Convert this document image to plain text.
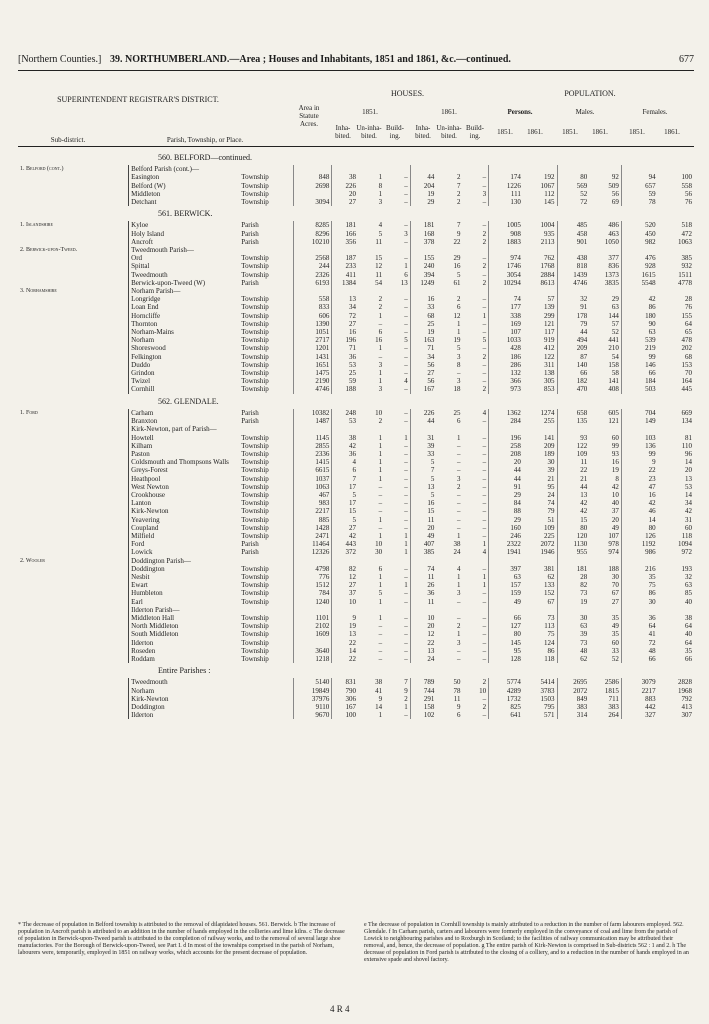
[Northern Counties.] 39. NORTHUMBERLAND.—Area ; Houses and Inhabitants, 1851 and 1861, &c.—continued.	677
SUPERINTENDENT REGISTRAR'S DISTRICT.
Sub-district.	Parish, Township, or Place.
Area in Statute Acres.
HOUSES.	POPULATION.
1851.	1861.	Persons.	Males.	Females.
Inha-bited.
Un-inha-bited.
Build-ing.
Inha-bited.
Un-inha-bited.
Build-ing.	1851.	1861.	1851.	1861.	1851.	1861.
560. BELFORD—continued.															
1. Belford (cont.)	Belford Parish (cont.)—														
	Easington	Township	848	38	1	–	44	2	–	174	192	80	92	94	100
	Belford (W)	Township	2698	226	8	–	204	7	–	1226	1067	569	509	657	558
	Middleton	Township		20	1	–	19	2	3	111	112	52	56	59	56
	Detchant	Township	3094	27	3	–	29	2	–	130	145	72	69	78	76
561. BERWICK.															
1. Islandshire	Kyloe	Parish	8285	181	4	–	181	7	–	1005	1004	485	486	520	518
	Holy Island	Parish	8296	166	5	3	168	9	2	908	935	458	463	450	472
	Ancroft	Parish	10210	356	11	–	378	22	2	1883	2113	901	1050	982	1063
2. Berwick-upon-Tweed.	Tweedmouth Parish—														
	Ord	Township	2568	187	15	–	155	29	–	974	762	438	377	476	385
	Spittal	Township	244	233	12	1	240	16	2	1746	1768	818	836	928	932
	Tweedmouth	Township	2326	411	11	6	394	5	–	3054	2884	1439	1373	1615	1511
	Berwick-upon-Tweed (W)	Parish	6193	1384	54	13	1249	61	2	10294	8613	4746	3835	5548	4778
3. Norhamshire	Norham Parish—														
	Longridge	Township	558	13	2	–	16	2	–	74	57	32	29	42	28
	Loan End	Township	833	34	2	–	33	6	–	177	139	91	63	86	76
	Horncliffe	Township	606	72	1	–	68	12	1	338	299	178	144	180	155
	Thornton	Township	1390	27	–	–	25	1	–	169	121	79	57	90	64
	Norham-Mains	Township	1051	16	6	–	19	1	–	107	117	44	52	63	65
	Norham	Township	2717	196	16	5	163	19	5	1033	919	494	441	539	478
	Shoreswood	Township	1201	71	1	–	71	5	–	428	412	209	210	219	202
	Felkington	Township	1431	36	–	–	34	3	2	186	122	87	54	99	68
	Duddo	Township	1651	53	3	–	56	8	–	286	311	140	158	146	153
	Grindon	Township	1475	25	1	–	27	–	–	132	138	66	58	66	70
	Twizel	Township	2190	59	1	4	56	3	–	366	305	182	141	184	164
	Cornhill	Township	4746	188	3	–	167	18	2	973	853	470	408	503	445
562. GLENDALE.															
1. Ford	Carham	Parish	10382	248	10	–	226	25	4	1362	1274	658	605	704	669
	Branxton	Parish	1487	53	2	–	44	6	–	284	255	135	121	149	134
	Kirk-Newton, part of Parish—														
	Howtell	Township	1145	38	1	1	31	1	–	196	141	93	60	103	81
	Kilham	Township	2855	42	1	–	39	–	–	258	209	122	99	136	110
	Paston	Township	2336	36	1	–	33	–	–	208	189	109	93	99	96
	Coldsmouth and Thompsons Walls	Township	1415	4	1	–	5	–	–	20	30	11	16	9	14
	Greys-Forest	Township	6615	6	1	–	7	–	–	44	39	22	19	22	20
	Heathpool	Township	1037	7	1	–	5	3	–	44	21	21	8	23	13
	West Newton	Township	1063	17	–	–	13	2	–	91	95	44	42	47	53
	Crookhouse	Township	467	5	–	–	5	–	–	29	24	13	10	16	14
	Lanton	Township	983	17	–	–	16	–	–	84	74	42	40	42	34
	Kirk-Newton	Township	2217	15	–	–	15	–	–	88	79	42	37	46	42
	Yeavering	Township	885	5	1	–	11	–	–	29	51	15	20	14	31
	Coupland	Township	1428	27	–	–	20	–	–	160	109	80	49	80	60
	Milfield	Township	2471	42	1	1	49	1	–	246	225	120	107	126	118
	Ford	Parish	11464	443	10	1	407	38	1	2322	2072	1130	978	1192	1094
	Lowick	Parish	12326	372	30	1	385	24	4	1941	1946	955	974	986	972
2. Wooler	Doddington Parish—														
	Doddington	Township	4798	82	6	–	74	4	–	397	381	181	188	216	193
	Nesbit	Township	776	12	1	–	11	1	1	63	62	28	30	35	32
	Ewart	Township	1512	27	1	1	26	1	1	157	133	82	70	75	63
	Humbleton	Township	784	37	5	–	36	3	–	159	152	73	67	86	85
	Earl	Township	1240	10	1	–	11	–	–	49	67	19	27	30	40
	Ilderton Parish—														
	Middleton Hall	Township	1101	9	1	–	10	–	–	66	73	30	35	36	38
	North Middleton	Township	2102	19	–	–	20	2	–	127	113	63	49	64	64
	South Middleton	Township	1609	13	–	–	12	1	–	80	75	39	35	41	40
	Ilderton	Township		22	–	–	22	3	–	145	124	73	60	72	64
	Roseden	Township	3640	14	–	–	13	–	–	95	86	48	33	48	35
	Roddam	Township	1218	22	–	–	24	–	–	128	118	62	52	66	66
Entire Parishes :															
	Tweedmouth		5140	831	38	7	789	50	2	5774	5414	2695	2586	3079	2828
	Norham		19849	790	41	9	744	78	10	4289	3783	2072	1815	2217	1968
	Kirk-Newton		37976	306	9	2	291	11	–	1732	1503	849	711	883	792
	Doddington		9110	167	14	1	158	9	2	825	795	383	383	442	413
	Ilderton		9670	100	1	–	102	6	–	641	571	314	264	327	307
* The decrease of population in Belford township is attributed to the removal of dilapidated houses. 561. Berwick. b The increase of population in Ancroft parish is attributed to an addition in the number of hands employed in the collieries and lime kilns. c The decrease of population in Berwick-upon-Tweed parish is attributed to the completion of railway works, and to the removal of several large shoe manufactories. For the Borough of Berwick-upon-Tweed, see Part I. d In most of the townships comprised in the parish of Norham, labourers were, temporarily, employed in 1851 on railway works, which accounts for the present decrease of population.
e The decrease of population in Cornhill township is mainly attributed to a reduction in the number of farm labourers employed. 562. Glendale. f In Carham parish, carters and labourers were formerly employed in the conveyance of coal and lime from the parish of Lowick to neighbouring parishes and to Roxburgh in Scotland; to the facilities of railway communication may be attributed their removal, and, hence, the decrease of population. g The entire parish of Kirk-Newton is comprised in Sub-districts 562 : 1 and 2. h The decrease of population in Ford parish is attributed to the closing of a colliery, and to a reduction in the number of hands employed in an extensive spade and shovel factory.
4 R 4
